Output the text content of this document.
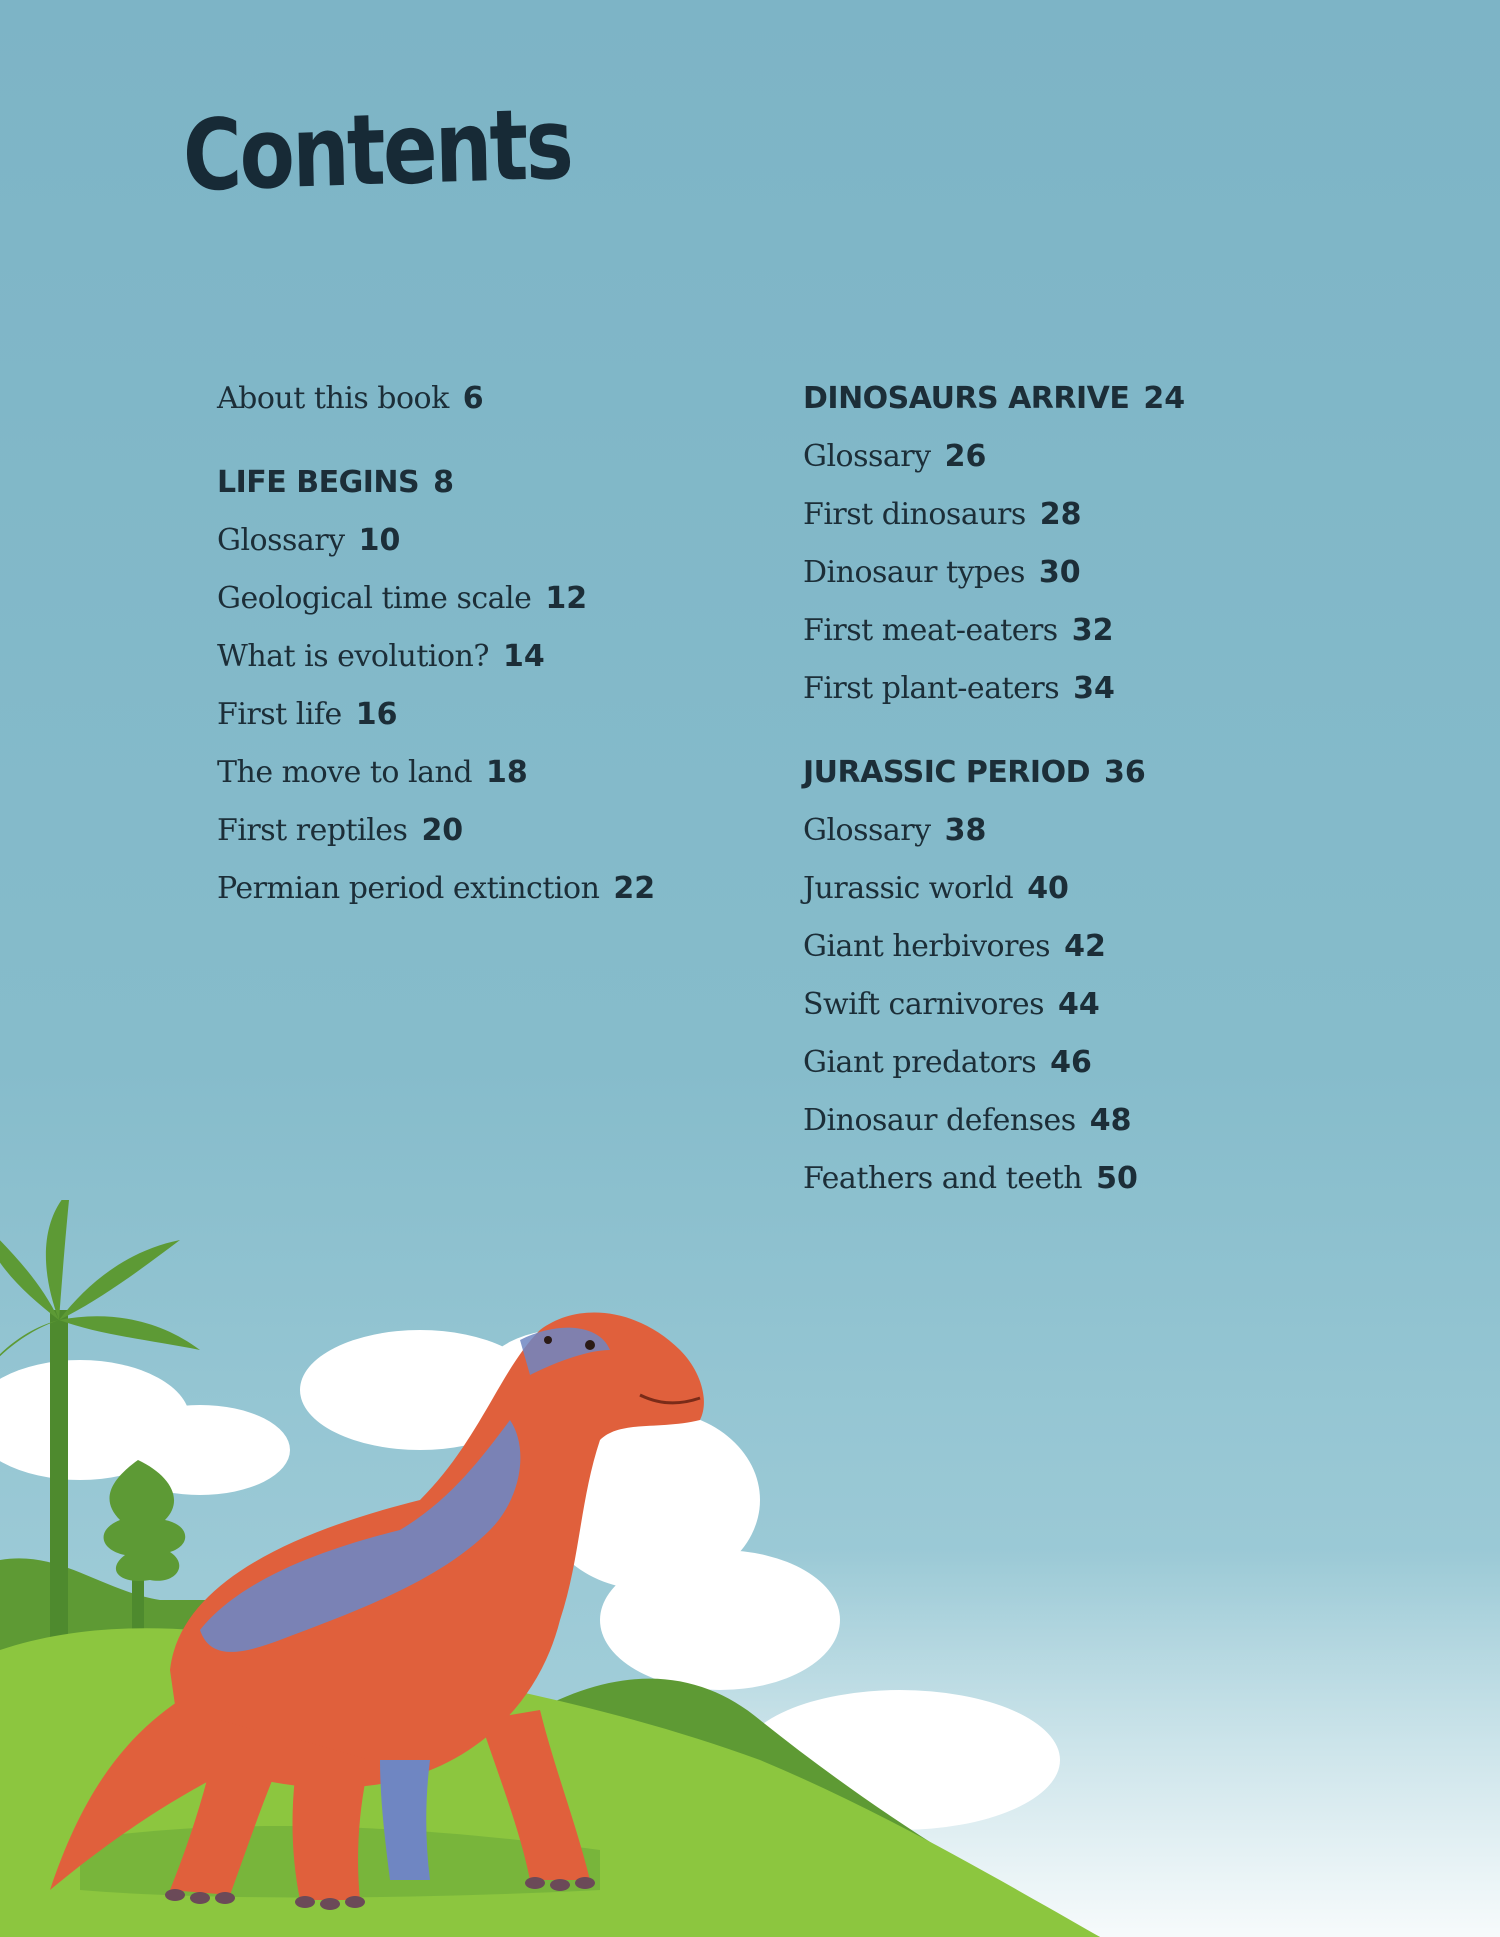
Contents
About this book 6
LIFE BEGINS 8
Glossary 10
Geological time scale 12
What is evolution? 14
First life 16
The move to land 18
First reptiles 20
Permian period extinction 22
DINOSAURS ARRIVE 24
Glossary 26
First dinosaurs 28
Dinosaur types 30
First meat-eaters 32
First plant-eaters 34
JURASSIC PERIOD 36
Glossary 38
Jurassic world 40
Giant herbivores 42
Swift carnivores 44
Giant predators 46
Dinosaur defenses 48
Feathers and teeth 50
